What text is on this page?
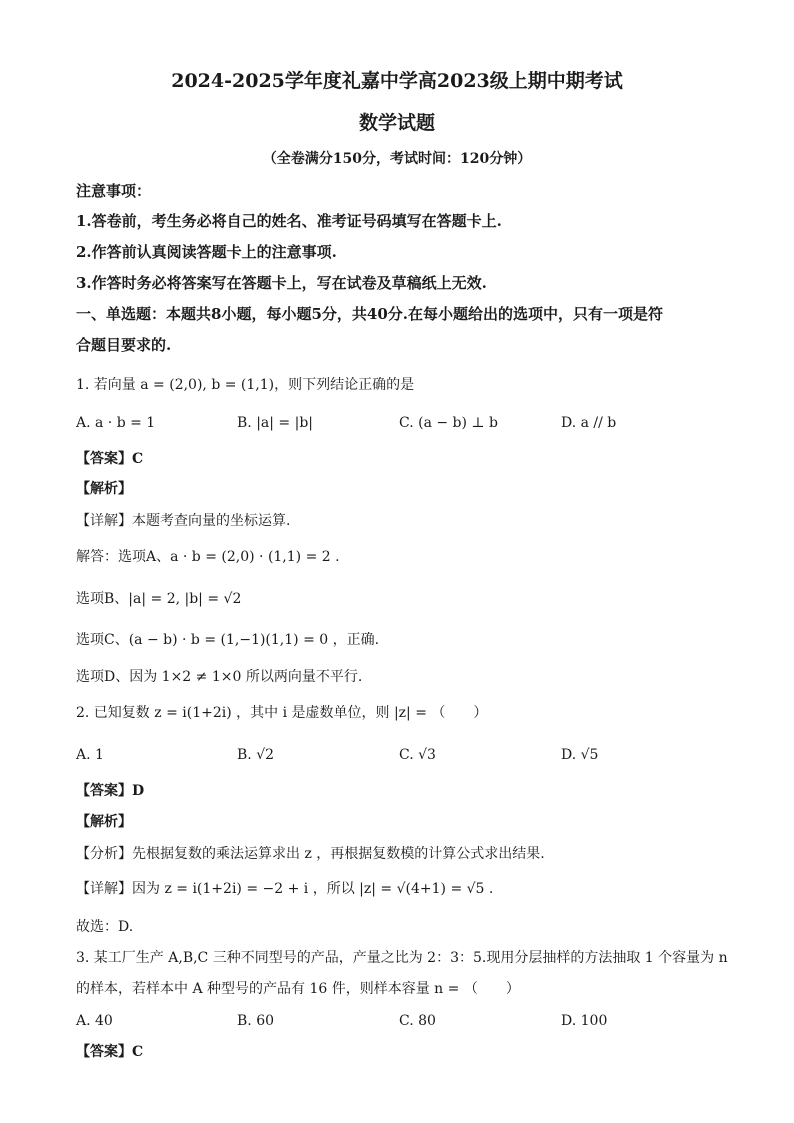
2024-2025学年度礼嘉中学高2023级上期中期考试
数学试题
（全卷满分150分，考试时间：120分钟）
注意事项：
1.答卷前，考生务必将自己的姓名、准考证号码填写在答题卡上.
2.作答前认真阅读答题卡上的注意事项.
3.作答时务必将答案写在答题卡上，写在试卷及草稿纸上无效.
一、单选题：本题共8小题，每小题5分，共40分.在每小题给出的选项中，只有一项是符
合题目要求的.
1. 若向量 a = (2,0), b = (1,1)，则下列结论正确的是
A. a · b = 1	B. |a| = |b|	C. (a − b) ⊥ b	D. a // b
【答案】C
【解析】
【详解】本题考查向量的坐标运算.
解答：选项A、a · b = (2,0) · (1,1) = 2 .
选项B、|a| = 2, |b| = √2
选项C、(a − b) · b = (1,−1)(1,1) = 0 ，正确.
选项D、因为 1×2 ≠ 1×0 所以两向量不平行.
2. 已知复数 z = i(1+2i) ，其中 i 是虚数单位，则 |z| = （　　）
A. 1	B. √2	C. √3	D. √5
【答案】D
【解析】
【分析】先根据复数的乘法运算求出 z ，再根据复数模的计算公式求出结果.
【详解】因为 z = i(1+2i) = −2 + i ，所以 |z| = √(4+1) = √5 .
故选：D.
3. 某工厂生产 A,B,C 三种不同型号的产品，产量之比为 2：3：5.现用分层抽样的方法抽取 1 个容量为 n
的样本，若样本中 A 种型号的产品有 16 件，则样本容量 n = （　　）
A. 40	B. 60	C. 80	D. 100
【答案】C
